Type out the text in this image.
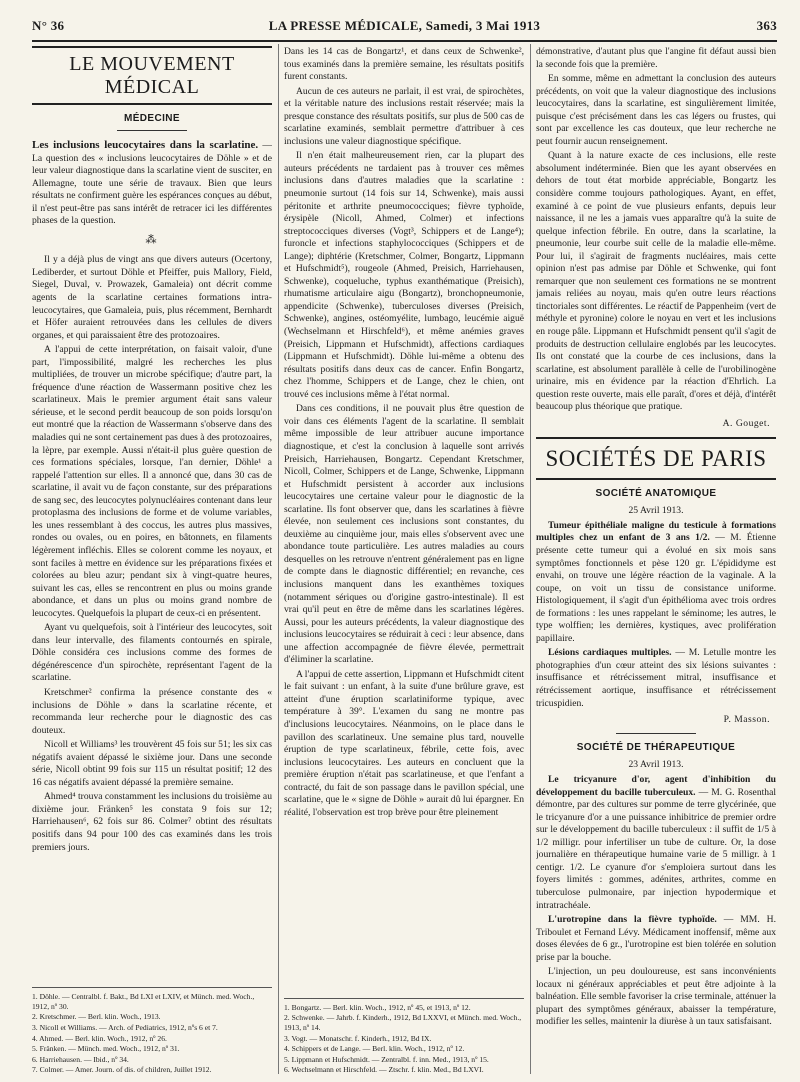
N° 36	LA PRESSE MÉDICALE, Samedi, 3 Mai 1913	363
LE MOUVEMENT MÉDICAL
MÉDECINE

Les inclusions leucocytaires dans la scarlatine. — La question des « inclusions leucocytaires de Döhle » et de leur valeur diagnostique dans la scarlatine vient de susciter, en Allemagne, toute une série de travaux. Bien que leurs résultats ne confirment guère les espérances conçues au début, il n'est peut-être pas sans intérêt de retracer ici les différentes phases de la question.

⁂

Il y a déjà plus de vingt ans que divers auteurs (Ocertony, Lediberder, et surtout Döhle et Pfeiffer, puis Mallory, Field, Siegel, Duval, v. Prowazek, Gamaleia) ont décrit comme agents de la scarlatine certaines formations intra-leucocytaires, que Gamaleia, puis, plus récemment, Bernhardt et Höfer auraient retrouvées dans les cellules de divers organes, et qui paraissaient être des protozoaires.

A l'appui de cette interprétation, on faisait valoir, d'une part, l'impossibilité, malgré les recherches les plus multipliées, de trouver un microbe spécifique; d'autre part, la fréquence d'une réaction de Wassermann positive chez les scarlatineux. Mais le premier argument était sans valeur sérieuse, et le second perdit beaucoup de son poids lorsqu'on eut montré que la réaction de Wassermann s'observe dans des maladies qui ne sont certainement pas dues à des protozoaires, la lèpre, par exemple. Aussi n'était-il plus guère question de ces formations spéciales, lorsque, l'an dernier, Döhle¹ a rappelé l'attention sur elles. Il a annoncé que, dans 30 cas de scarlatine, il avait vu de façon constante, sur des préparations de sang sec, des leucocytes polynucléaires contenant dans leur protoplasma des inclusions de forme et de volume variables, les unes ressemblant à des coccus, les autres plus massives, rondes ou ovales, ou en poires, en bâtonnets, en filaments légèrement infléchis. Elles se colorent comme les noyaux, et sont faciles à mettre en évidence sur les préparations fixées et colorées au bleu azur; pendant six à vingt-quatre heures, suivant les cas, elles se rencontrent en plus ou moins grande abondance, et dans un plus ou moins grand nombre de leucocytes. Quelquefois la plupart de ceux-ci en présentent.

Ayant vu quelquefois, soit à l'intérieur des leucocytes, soit dans leur intervalle, des filaments contournés en spirale, Döhle considéra ces inclusions comme des formes de dégénérescence d'un spirochète, représentant l'agent de la scarlatine.

Kretschmer² confirma la présence constante des « inclusions de Döhle » dans la scarlatine récente, et recommanda leur recherche pour le diagnostic des cas douteux.

Nicoll et Williams³ les trouvèrent 45 fois sur 51; les six cas négatifs avaient dépassé le sixième jour. Dans une seconde série, Nicoll obtint 99 fois sur 115 un résultat positif; 12 des 16 cas négatifs avaient dépassé la première semaine.

Ahmed⁴ trouva constamment les inclusions du troisième au dixième jour. Fränken⁵ les constata 9 fois sur 12; Harriehausen⁶, 62 fois sur 86. Colmer⁷ obtint des résultats positifs dans 94 pour 100 des cas examinés dans les trois premiers jours.

1. Döhle. — Centralbl. f. Bakt., Bd LXI et LXIV, et Münch. med. Woch., 1912, nº 30.
2. Kretschmer. — Berl. klin. Woch., 1913.
3. Nicoll et Williams. — Arch. of Pediatrics, 1912, nºs 6 et 7.
4. Ahmed. — Berl. klin. Woch., 1912, nº 26.
5. Fränken. — Münch. med. Woch., 1912, nº 31.
6. Harriehausen. — Ibid., nº 34.
7. Colmer. — Amer. Journ. of dis. of children, Juillet 1912.

Dans les 14 cas de Bongartz¹, et dans ceux de Schwenke², tous examinés dans la première semaine, les résultats positifs furent constants.

Aucun de ces auteurs ne parlait, il est vrai, de spirochètes, et la véritable nature des inclusions restait réservée; mais la presque constance des résultats positifs, sur plus de 500 cas de scarlatine examinés, semblait permettre d'attribuer à ces inclusions une valeur diagnostique spécifique.

Il n'en était malheureusement rien, car la plupart des auteurs précédents ne tardaient pas à trouver ces mêmes inclusions dans d'autres maladies que la scarlatine : pneumonie surtout (14 fois sur 14, Schwenke), mais aussi péritonite et arthrite pneumococciques; fièvre typhoïde, érysipèle (Nicoll, Ahmed, Colmer) et infections streptococciques diverses (Vogt³, Schippers et de Lange⁴); furoncle et infections staphylococciques (Schippers et de Lange); diphtérie (Kretschmer, Colmer, Bongartz, Lippmann et Hufschmidt⁵), rougeole (Ahmed, Preisich, Harriehausen, Schwenke), coqueluche, typhus exanthématique (Preisich), rhumatisme articulaire aigu (Bongartz), bronchopneumonie, appendicite (Schwenke), tuberculoses diverses (Preisich, Schwenke), angines, ostéomyélite, lumbago, leucémie aiguë (Wechselmann et Hirschfeld⁶), et même anémies graves (Preisich, Lippmann et Hufschmidt), affections cardiaques (Lippmann et Hufschmidt). Döhle lui-même a obtenu des résultats positifs dans deux cas de cancer. Enfin Bongartz, chez l'homme, Schippers et de Lange, chez le chien, ont trouvé ces inclusions même à l'état normal.

Dans ces conditions, il ne pouvait plus être question de voir dans ces éléments l'agent de la scarlatine. Il semblait même impossible de leur attribuer aucune importance diagnostique, et c'est la conclusion à laquelle sont arrivés Preisich, Harriehausen, Bongartz. Cependant Kretschmer, Nicoll, Colmer, Schippers et de Lange, Schwenke, Lippmann et Hufschmidt persistent à accorder aux inclusions leucocytaires une certaine valeur pour le diagnostic de la scarlatine. Ils font observer que, dans les scarlatines à fièvre élevée, non seulement ces inclusions sont constantes, du deuxième au cinquième jour, mais elles s'observent avec une abondance toute particulière. Les autres maladies au cours desquelles on les retrouve n'entrent généralement pas en ligne de compte dans le diagnostic différentiel; en revanche, ces inclusions manquent dans les exanthèmes toxiques (notamment sériques ou d'origine gastro-intestinale). Il est vrai qu'il peut en être de même dans les scarlatines légères. Aussi, pour les auteurs précédents, la valeur diagnostique des inclusions leucocytaires se réduirait à ceci : leur absence, dans une affection accompagnée de fièvre élevée, permettrait d'éliminer la scarlatine.

A l'appui de cette assertion, Lippmann et Hufschmidt citent le fait suivant : un enfant, à la suite d'une brûlure grave, est atteint d'une éruption scarlatiniforme typique, avec température à 39°. L'examen du sang ne montre pas d'inclusions leucocytaires. Néanmoins, on le place dans le pavillon des scarlatineux. Une semaine plus tard, nouvelle éruption de type scarlatineux, fébrile, cette fois, avec inclusions leucocytaires. Les auteurs en concluent que la première éruption n'était pas scarlatineuse, et que l'enfant a contracté, du fait de son passage dans le pavillon spécial, une scarlatine, que le « signe de Döhle » aurait dû lui épargner. En réalité, l'observation est trop brève pour être pleinement

1. Bongartz. — Berl. klin. Woch., 1912, nº 45, et 1913, nº 12.
2. Schwenke. — Jahrb. f. Kinderh., 1912, Bd LXXVI, et Münch. med. Woch., 1913, nº 14.
3. Vogt. — Monatschr. f. Kinderh., 1912, Bd IX.
4. Schippers et de Lange. — Berl. klin. Woch., 1912, nº 12.
5. Lippmann et Hufschmidt. — Zentralbl. f. inn. Med., 1913, nº 15.
6. Wechselmann et Hirschfeld. — Ztschr. f. klin. Med., Bd LXVI.

démonstrative, d'autant plus que l'angine fit défaut aussi bien la seconde fois que la première.

En somme, même en admettant la conclusion des auteurs précédents, on voit que la valeur diagnostique des inclusions leucocytaires, dans la scarlatine, est singulièrement limitée, puisque c'est précisément dans les cas légers ou frustes, qui sont par excellence les cas douteux, que leur recherche ne peut fournir aucun renseignement.

Quant à la nature exacte de ces inclusions, elle reste absolument indéterminée. Bien que les ayant observées en dehors de tout état morbide appréciable, Bongartz les considère comme toujours pathologiques. Ayant, en effet, examiné à ce point de vue plusieurs enfants, depuis leur naissance, il ne les a jamais vues apparaître qu'à la suite de quelque infection fébrile. En outre, dans la scarlatine, la pneumonie, leur courbe suit celle de la maladie elle-même. Pour lui, il s'agirait de fragments nucléaires, mais cette opinion n'est pas admise par Döhle et Schwenke, qui font remarquer que non seulement ces formations ne se montrent jamais reliées au noyau, mais qu'en outre leurs réactions tinctoriales sont différentes. Le réactif de Pappenheim (vert de méthyle et pyronine) colore le noyau en vert et les inclusions en rouge pâle. Lippmann et Hufschmidt pensent qu'il s'agit de produits de destruction cellulaire englobés par les leucocytes. Ils ont constaté que la courbe de ces inclusions, dans la scarlatine, est absolument parallèle à celle de l'urobilinogène urinaire, mis en évidence par la réaction d'Ehrlich. La question reste ouverte, mais elle paraît, d'ores et déjà, d'intérêt beaucoup plus théorique que pratique.

A. Gouget.
SOCIÉTÉS DE PARIS
SOCIÉTÉ ANATOMIQUE
25 Avril 1913.

Tumeur épithéliale maligne du testicule à formations multiples chez un enfant de 3 ans 1/2. — M. Étienne présente cette tumeur qui a évolué en six mois sans symptômes fonctionnels et pèse 120 gr. L'épididyme est envahi, on trouve une légère réaction de la vaginale. A la coupe, on voit un tissu de consistance uniforme. Histologiquement, il s'agit d'un épithélioma avec trois ordres de formations : les unes rappelant le séminome; les autres, le type wolffien; les dernières, kystiques, avec prolifération papillaire.

Lésions cardiaques multiples. — M. Letulle montre les photographies d'un cœur atteint des six lésions suivantes : insuffisance et rétrécissement mitral, insuffisance et rétrécissement aortique, insuffisance et rétrécissement tricuspidien.

P. Masson.
SOCIÉTÉ DE THÉRAPEUTIQUE
23 Avril 1913.

Le tricyanure d'or, agent d'inhibition du développement du bacille tuberculeux. — M. G. Rosenthal démontre, par des cultures sur pomme de terre glycérinée, que le tricyanure d'or a une puissance inhibitrice de premier ordre sur le développement du bacille tuberculeux : il suffit de 1/5 à 1/2 milligr. pour infertiliser un tube de culture. Or, la dose journalière en thérapeutique humaine varie de 5 milligr. à 1 centigr. 1/2. Le cyanure d'or s'emploiera surtout dans les foyers limités : gommes, adénites, arthrites, comme en tuberculose pulmonaire, par injection hypodermique et intratrachéale.

L'urotropine dans la fièvre typhoïde. — MM. H. Triboulet et Fernand Lévy. Médicament inoffensif, même aux doses élevées de 6 gr., l'urotropine est bien tolérée en solution prise par la bouche.

L'injection, un peu douloureuse, est sans inconvénients locaux ni généraux appréciables et peut être adjointe à la balnéation. Elle semble favoriser la crise terminale, atténuer la plupart des symptômes généraux, abaisser la température, modifier les selles, maintenir la diurèse à un taux satisfaisant.
